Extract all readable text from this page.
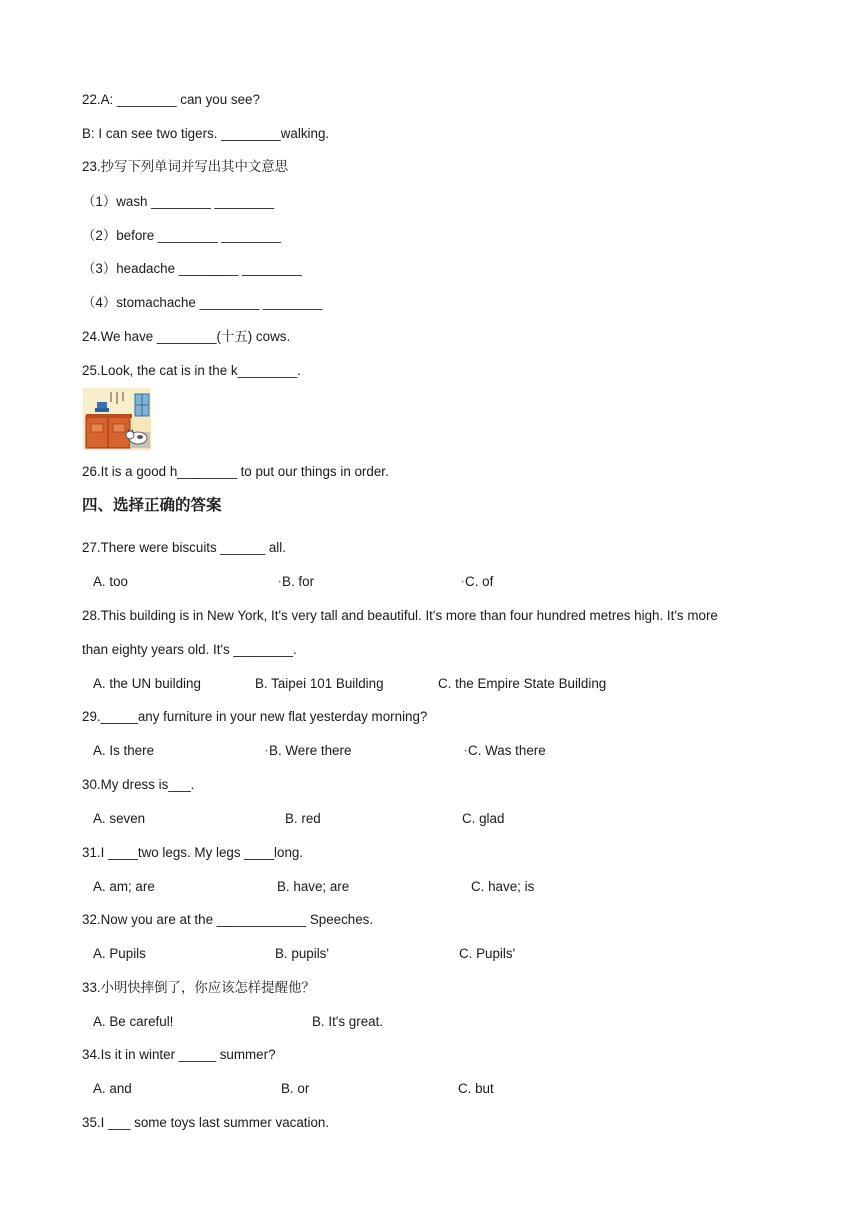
22.A: ________ can you see?
B: I can see two tigers. ________walking.
23.抄写下列单词并写出其中文意思
（1）wash ________ ________
（2）before ________ ________
（3）headache ________ ________
（4）stomachache ________ ________
24.We have ________(十五) cows.
25.Look, the cat is in the k________.
26.It is a good h________ to put our things in order.
四、选择正确的答案
27.There were biscuits ______ all.
A. too	●B. for	●C. of
28.This building is in New York, It's very tall and beautiful. It's more than four hundred metres high. It's more
than eighty years old. It's ________.
A. the UN building	B. Taipei 101 Building	C. the Empire State Building
29._____any furniture in your new flat yesterday morning?
A. Is there	●B. Were there	●C. Was there
30.My dress is___.
A. seven	B. red	C. glad
31.I ____two legs. My legs ____long.
A. am; are	B. have; are	C. have; is
32.Now you are at the ____________ Speeches.
A. Pupils	B. pupils'	C. Pupils'
33.小明快摔倒了，你应该怎样提醒他？
A. Be careful!	B. It's great.
34.Is it in winter _____ summer?
A. and	B. or	C. but
35.I ___ some toys last summer vacation.
